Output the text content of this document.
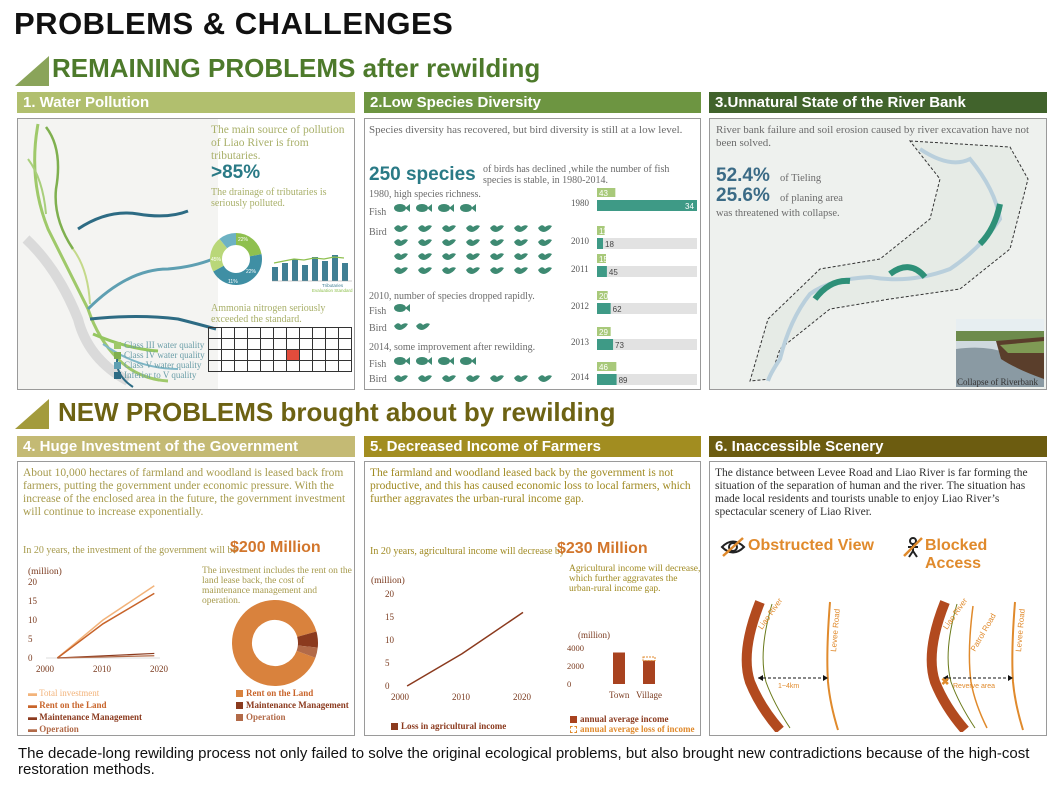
PROBLEMS & CHALLENGES
REMAINING PROBLEMS after rewilding
1. Water Pollution	2.Low Species Diversity	3.Unnatural State of the River Bank
Class III water quality
Class IV water quality
Class V water quality
Inferior to V quality
The main source of pollution of Liao River is from tributaries.
>85%
The drainage of tributaries is seriously polluted.
22%
45%
22%
11%
Tributaries
Evaluation Standard
Ammonia nitrogen seriously exceeded the standard.

Species diversity has recovered, but bird diversity is still at a low level.
250 species of birds has declined ,while the number of fish species is stable, in 1980-2014.
1980, high species richness.
Fish
Bird
2010, number of species dropped rapidly.
Fish
Bird
2014, some improvement after rewilding.
Fish
Bird
1980
43
34
2010
11
18
2011
15
45
2012
20
62
2013
29
73
2014
46
89
River bank failure and soil erosion caused by river excavation have not been solved.
52.4% of Tieling
25.6% of planing area
was threatened with collapse.
Collapse of Riverbank
NEW PROBLEMS brought about by rewilding
4. Huge Investment of the Government	5. Decreased Income of Farmers	6. Inaccessible Scenery
About 10,000 hectares of farmland and woodland is leased back from farmers, putting the government under economic pressure. With the increase of the enclosed area in the future, the government investment will continue to increase exponentially.
In 20 years, the investment of the government will be
$200 Million
(million)
0
5
10
15
20
2000	2010	2020
▬ Total investment
▬ Rent on the Land
▬ Maintenance Management
▬ Operation
The investment includes the rent on the land lease back, the cost of maintenance management and operation.
Rent on the Land
Maintenance Management
Operation
The farmland and woodland leased back by the government is not productive, and this has caused economic loss to local farmers, which further aggravates the urban-rural income gap.
In 20 years, agricultural income will decrease by
$230 Million
(million)
0
5
10
15
20
2000	2010	2020
Loss in agricultural income
Agricultural income will decrease, which further aggravates the urban-rural income gap.
(million)
0
2000
4000
Town Village
annual average income
annual average loss of income
The distance between Levee Road and Liao River is far forming the situation of the separation of human and the river. The situation has made local residents and tourists unable to enjoy Liao River’s spectacular scenery of Liao River.
Obstructed View	Blocked Access
1~4km
Liao River	Levee Road
✖ Reverve area
Liao River Patrol Road Levee Road
The decade-long rewilding process not only failed to solve the original ecological problems, but also brought new contradictions because of the high-cost restoration methods.
